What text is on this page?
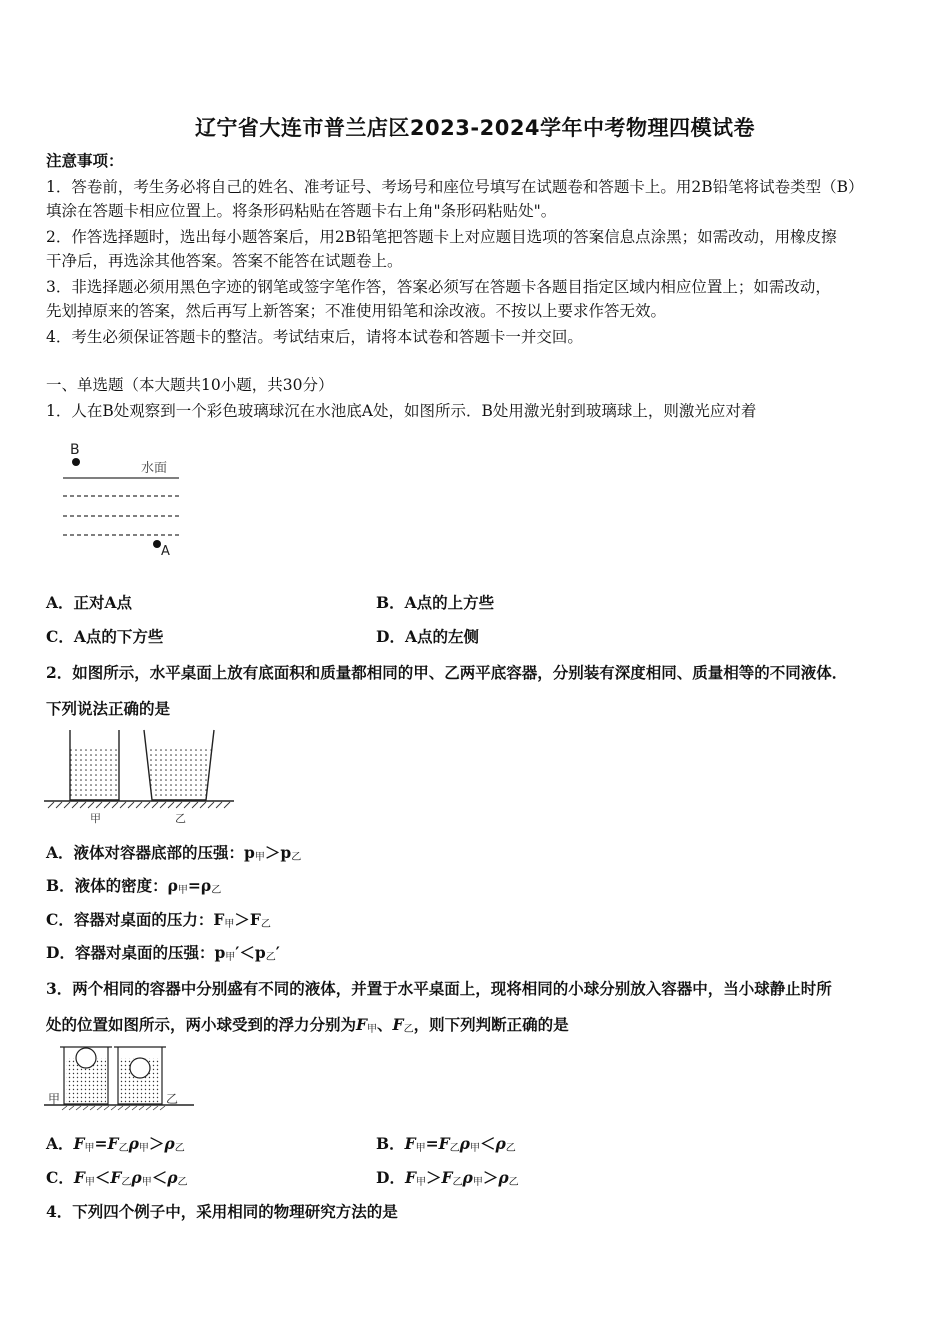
辽宁省大连市普兰店区2023-2024学年中考物理四模试卷
注意事项：
1．答卷前，考生务必将自己的姓名、准考证号、考场号和座位号填写在试题卷和答题卡上。用2B铅笔将试卷类型（B）
填涂在答题卡相应位置上。将条形码粘贴在答题卡右上角"条形码粘贴处"。
2．作答选择题时，选出每小题答案后，用2B铅笔把答题卡上对应题目选项的答案信息点涂黑；如需改动，用橡皮擦
干净后，再选涂其他答案。答案不能答在试题卷上。
3．非选择题必须用黑色字迹的钢笔或签字笔作答，答案必须写在答题卡各题目指定区域内相应位置上；如需改动，
先划掉原来的答案，然后再写上新答案；不准使用铅笔和涂改液。不按以上要求作答无效。
4．考生必须保证答题卡的整洁。考试结束后，请将本试卷和答题卡一并交回。
一、单选题（本大题共10小题，共30分）
1．人在B处观察到一个彩色玻璃球沉在水池底A处，如图所示．B处用激光射到玻璃球上，则激光应对着
B
水面
A
A．正对A点	B．A点的上方些
C．A点的下方些	D．A点的左侧
2．如图所示，水平桌面上放有底面积和质量都相同的甲、乙两平底容器，分别装有深度相同、质量相等的不同液体．
下列说法正确的是
甲	乙
A．液体对容器底部的压强：$p_甲>p_乙$
B．液体的密度：$\rho_甲=\rho_乙$
C．容器对桌面的压力：$F_甲>F_乙$
D．容器对桌面的压强：$p_甲'<p_乙'$
3．两个相同的容器中分别盛有不同的液体，并置于水平桌面上，现将相同的小球分别放入容器中，当小球静止时所
处的位置如图所示，两小球受到的浮力分别为$F_甲$、$F_乙$，则下列判断正确的是
甲	乙
A．$F_甲=F_乙\rho_甲>\rho_乙$	B．$F_甲=F_乙\rho_甲<\rho_乙$
C．$F_甲<F_乙\rho_甲<\rho_乙$	D．$F_甲>F_乙\rho_甲>\rho_乙$
4．下列四个例子中，采用相同的物理研究方法的是
